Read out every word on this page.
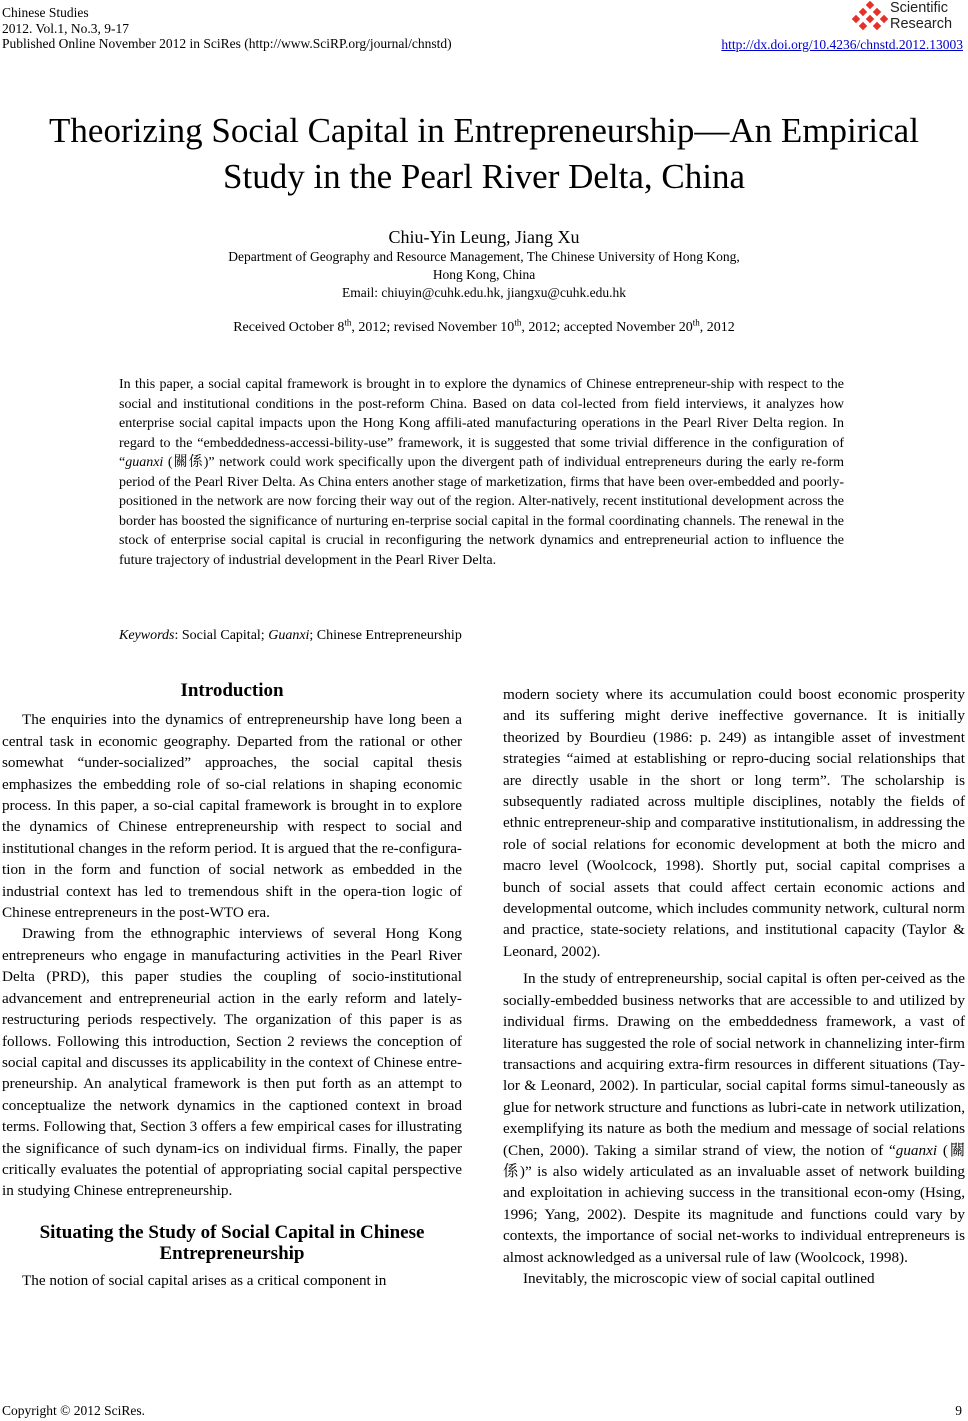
Chinese Studies
2012. Vol.1, No.3, 9-17
Published Online November 2012 in SciRes (http://www.SciRP.org/journal/chnstd)	http://dx.doi.org/10.4236/chnstd.2012.13003
Scientific
Research
Theorizing Social Capital in Entrepreneurship—An Empirical
Study in the Pearl River Delta, China
Chiu-Yin Leung, Jiang Xu
Department of Geography and Resource Management, The Chinese University of Hong Kong,
Hong Kong, China
Email: chiuyin@cuhk.edu.hk, jiangxu@cuhk.edu.hk
Received October 8th, 2012; revised November 10th, 2012; accepted November 20th, 2012
In this paper, a social capital framework is brought in to explore the dynamics of Chinese entrepreneur-ship with respect to the social and institutional conditions in the post-reform China. Based on data col-lected from field interviews, it analyzes how enterprise social capital impacts upon the Hong Kong affili-ated manufacturing operations in the Pearl River Delta region. In regard to the “embeddedness-accessi-bility-use” framework, it is suggested that some trivial difference in the configuration of “guanxi (關係)” network could work specifically upon the divergent path of individual entrepreneurs during the early re-form period of the Pearl River Delta. As China enters another stage of marketization, firms that have been over-embedded and poorly-positioned in the network are now forcing their way out of the region. Alter-natively, recent institutional development across the border has boosted the significance of nurturing en-terprise social capital in the formal coordinating channels. The renewal in the stock of enterprise social capital is crucial in reconfiguring the network dynamics and entrepreneurial action to influence the future trajectory of industrial development in the Pearl River Delta.
Keywords: Social Capital; Guanxi; Chinese Entrepreneurship
Introduction

The enquiries into the dynamics of entrepreneurship have long been a central task in economic geography. Departed from the rational or other somewhat “under-socialized” approaches, the social capital thesis emphasizes the embedding role of so-cial relations in shaping economic process. In this paper, a so-cial capital framework is brought in to explore the dynamics of Chinese entrepreneurship with respect to social and institutional changes in the reform period. It is argued that the re-configura-tion in the form and function of social network as embedded in the industrial context has led to tremendous shift in the opera-tion logic of Chinese entrepreneurs in the post-WTO era.

Drawing from the ethnographic interviews of several Hong Kong entrepreneurs who engage in manufacturing activities in the Pearl River Delta (PRD), this paper studies the coupling of socio-institutional advancement and entrepreneurial action in the early reform and lately-restructuring periods respectively. The organization of this paper is as follows. Following this introduction, Section 2 reviews the conception of social capital and discusses its applicability in the context of Chinese entre-preneurship. An analytical framework is then put forth as an attempt to conceptualize the network dynamics in the captioned context in broad terms. Following that, Section 3 offers a few empirical cases for illustrating the significance of such dynam-ics on individual firms. Finally, the paper critically evaluates the potential of appropriating social capital perspective in studying Chinese entrepreneurship.

Situating the Study of Social Capital in Chinese
Entrepreneurship

The notion of social capital arises as a critical component in

modern society where its accumulation could boost economic prosperity and its suffering might derive ineffective governance. It is initially theorized by Bourdieu (1986: p. 249) as intangible asset of investment strategies “aimed at establishing or repro-ducing social relationships that are directly usable in the short or long term”. The scholarship is subsequently radiated across multiple disciplines, notably the fields of ethnic entrepreneur-ship and comparative institutionalism, in addressing the role of social relations for economic development at both the micro and macro level (Woolcock, 1998). Shortly put, social capital comprises a bunch of social assets that could affect certain economic actions and developmental outcome, which includes community network, cultural norm and practice, state-society relations, and institutional capacity (Taylor & Leonard, 2002).

In the study of entrepreneurship, social capital is often per-ceived as the socially-embedded business networks that are accessible to and utilized by individual firms. Drawing on the embeddedness framework, a vast of literature has suggested the role of social network in channelizing inter-firm transactions and acquiring extra-firm resources in different situations (Tay-lor & Leonard, 2002). In particular, social capital forms simul-taneously as glue for network structure and functions as lubri-cate in network utilization, exemplifying its nature as both the medium and message of social relations (Chen, 2000). Taking a similar strand of view, the notion of “guanxi (關係)” is also widely articulated as an invaluable asset of network building and exploitation in achieving success in the transitional econ-omy (Hsing, 1996; Yang, 2002). Despite its magnitude and functions could vary by contexts, the importance of social net-works to individual entrepreneurs is almost acknowledged as a universal rule of law (Woolcock, 1998).

Inevitably, the microscopic view of social capital outlined

Copyright © 2012 SciRes.	9
